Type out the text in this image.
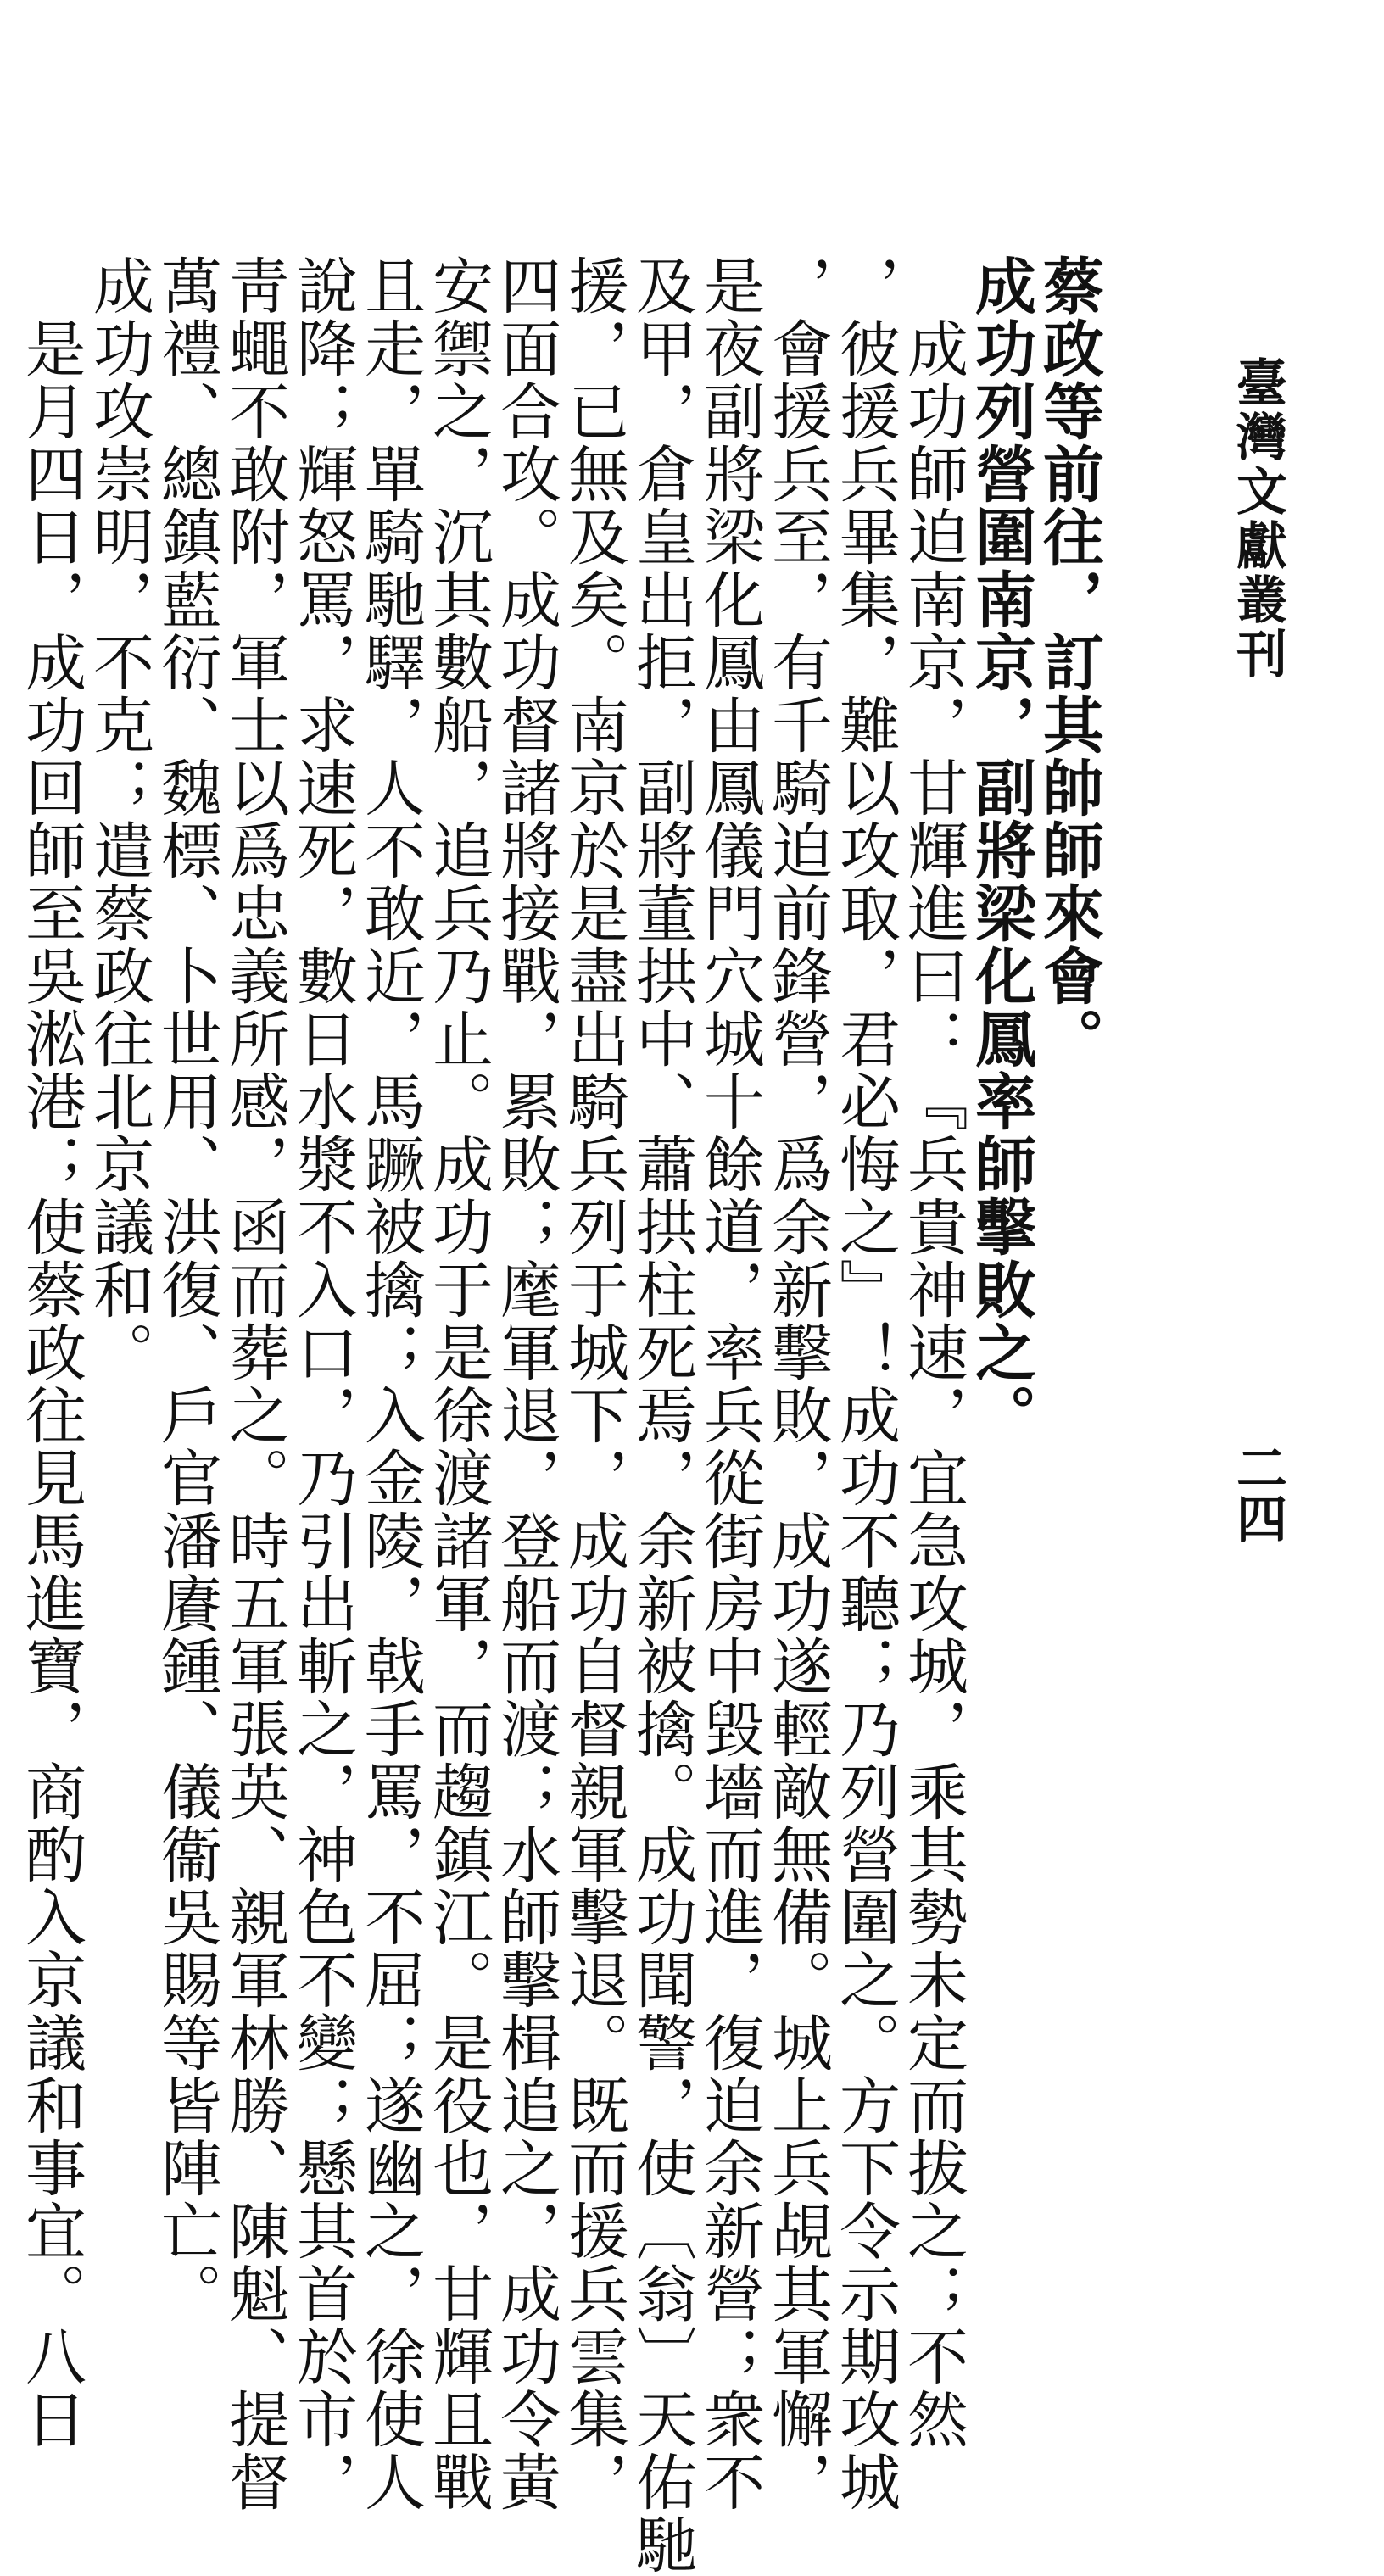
臺灣文獻叢刊
二四
蔡政等前往，訂其帥師來會。
成功列營圍南京，副將梁化鳳率師擊敗之。
成功師迫南京，甘輝進曰：『兵貴神速，宜急攻城，乘其勢未定而拔之；不然
，彼援兵畢集，難以攻取，君必悔之』！成功不聽；乃列營圍之。方下令示期攻城
，會援兵至，有千騎迫前鋒營，爲余新擊敗，成功遂輕敵無備。城上兵覘其軍懈，
是夜副將梁化鳳由鳳儀門穴城十餘道，率兵從街房中毀墻而進，復迫余新營；衆不
及甲，倉皇出拒，副將董拱中、蕭拱柱死焉，余新被擒。成功聞警，使〔翁〕天佑馳
援，已無及矣。南京於是盡出騎兵列于城下，成功自督親軍擊退。既而援兵雲集，
四面合攻。成功督諸將接戰，累敗；麾軍退，登船而渡；水師擊楫追之，成功令黃
安禦之，沉其數船，追兵乃止。成功于是徐渡諸軍，而趨鎮江。是役也，甘輝且戰
且走，單騎馳驛，人不敢近，馬蹶被擒；入金陵，戟手罵，不屈；遂幽之，徐使人
說降；輝怒罵，求速死，數日水漿不入口，乃引出斬之，神色不變；懸其首於市，
靑蠅不敢附，軍士以爲忠義所感，函而葬之。時五軍張英、親軍林勝、陳魁、提督
萬禮、總鎮藍衍、魏標、卜世用、洪復、戶官潘賡鍾、儀衞吳賜等皆陣亡。
成功攻崇明，不克；遣蔡政往北京議和。
是月四日，成功回師至吳淞港；使蔡政往見馬進寶，商酌入京議和事宜。八日
